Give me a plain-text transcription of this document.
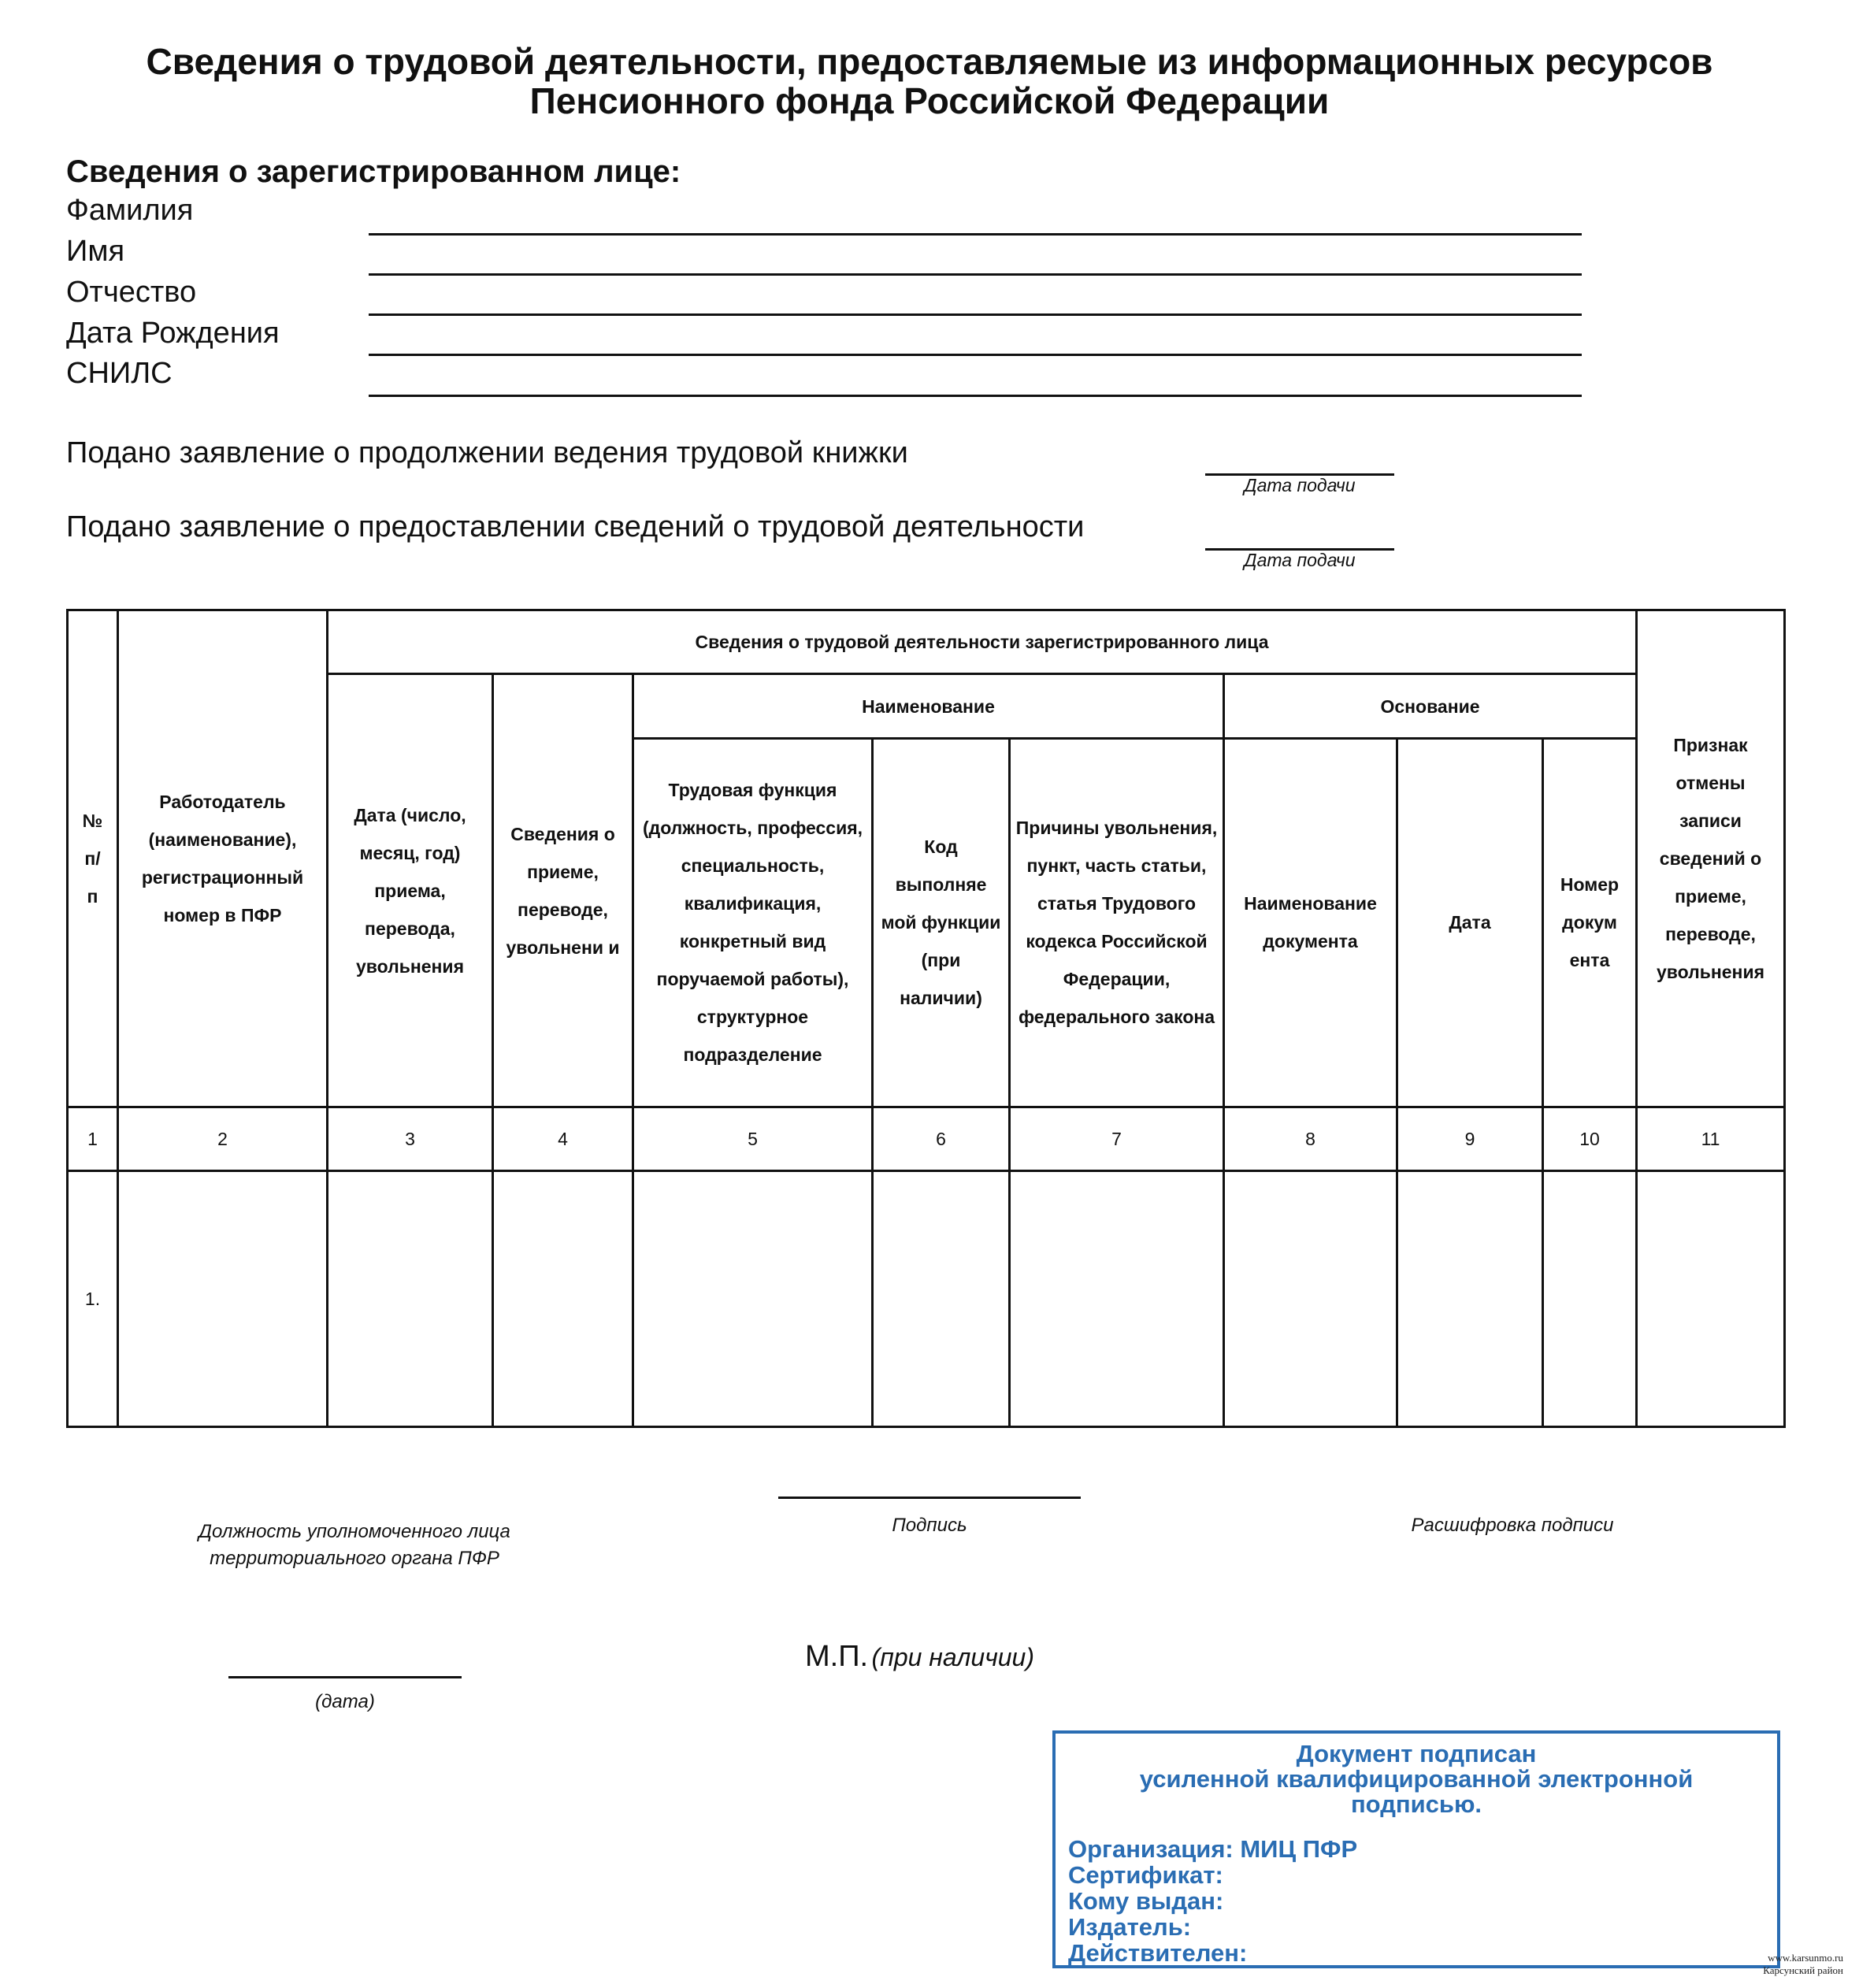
Сведения о трудовой деятельности, предоставляемые из информационных ресурсов
Пенсионного фонда Российской Федерации
Сведения о зарегистрированном лице:
Фамилия
Имя
Отчество
Дата Рождения
СНИЛС
Подано заявление о продолжении ведения трудовой книжки
Дата подачи
Подано заявление о предоставлении сведений о трудовой деятельности
Дата подачи
№ п/п	Работодатель (наименование), регистрационный номер в ПФР	Сведения о трудовой деятельности зарегистрированного лица								Признак отмены записи сведений о приеме, переводе, увольнения
		Дата (число, месяц, год) приема, перевода, увольнения	Сведения о приеме, переводе, увольнени и	Наименование			Основание			
				Трудовая функция (должность, профессия, специальность, квалификация, конкретный вид поручаемой работы), структурное подразделение	Код выполняе мой функции (при наличии)	Причины увольнения, пункт, часть статьи, статья Трудового кодекса Российской Федерации, федерального закона	Наименование документа	Дата	Номер докум ента	
1	2	3	4	5	6	7	8	9	10	11
1.										
Должность уполномоченного лица территориального органа ПФР
Подпись	Расшифровка подписи
М.П. (при наличии)
(дата)
Документ подписан
усиленной квалифицированной электронной
подписью.
Организация: МИЦ ПФР
Сертификат:
Кому выдан:
Издатель:
Действителен:	www.karsunmo.ru
Карсунский район
